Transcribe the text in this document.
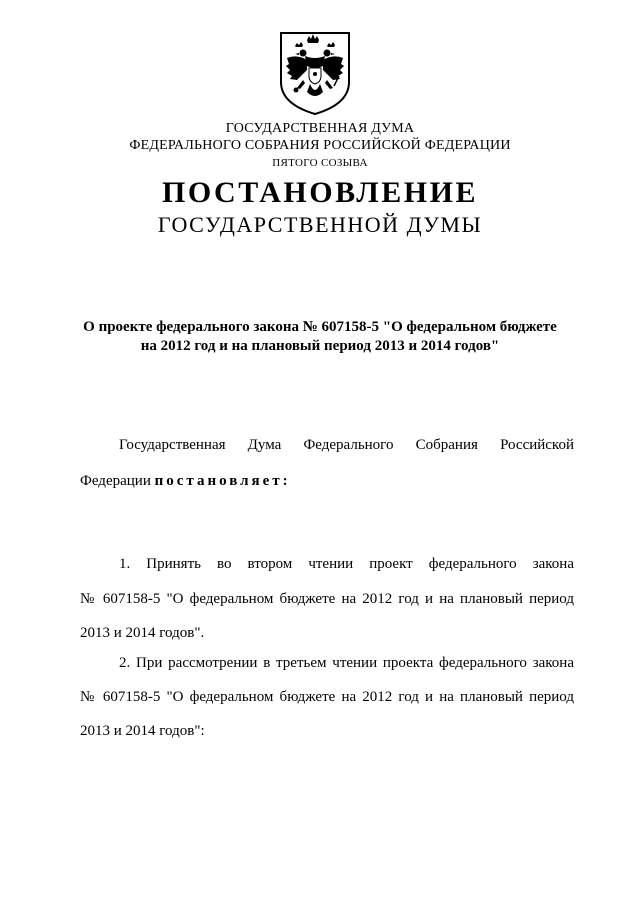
ГОСУДАРСТВЕННАЯ ДУМА
ФЕДЕРАЛЬНОГО СОБРАНИЯ РОССИЙСКОЙ ФЕДЕРАЦИИ
ПЯТОГО СОЗЫВА
ПОСТАНОВЛЕНИЕ
ГОСУДАРСТВЕННОЙ ДУМЫ
О проекте федерального закона № 607158-5 "О федеральном бюджете
на 2012 год и на плановый период 2013 и 2014 годов"
Государственная Дума Федерального Собрания Российской
Федерации постановляет:
1. Принять во втором чтении проект федерального закона
№ 607158-5 "О федеральном бюджете на 2012 год и на плановый период
2013 и 2014 годов".
2. При рассмотрении в третьем чтении проекта федерального закона
№ 607158-5 "О федеральном бюджете на 2012 год и на плановый период
2013 и 2014 годов":
